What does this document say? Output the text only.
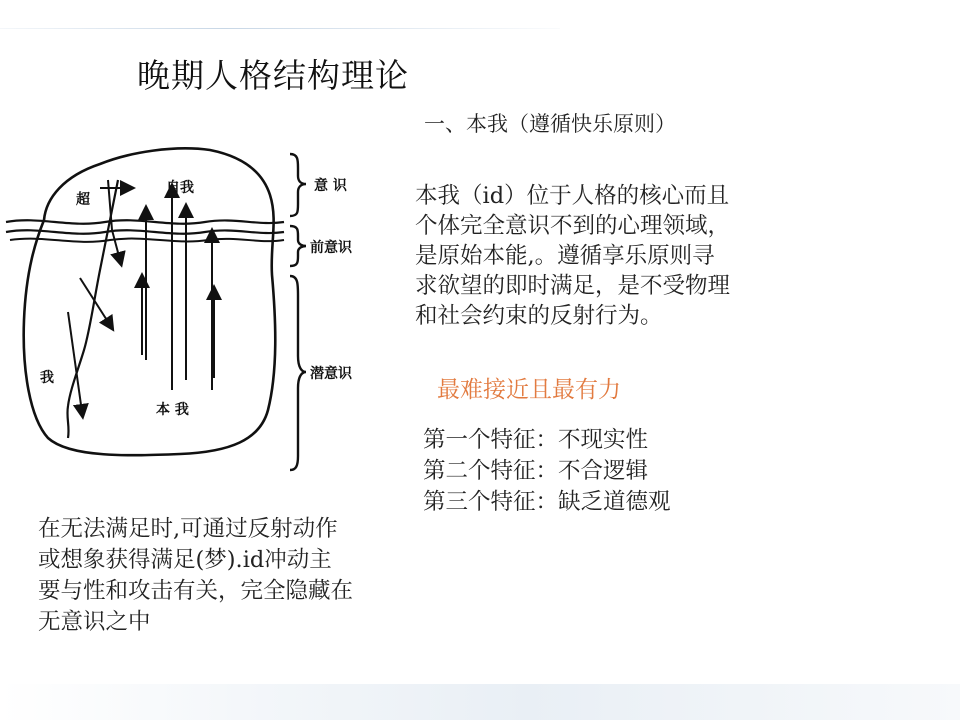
晚期人格结构理论
一、本我（遵循快乐原则）
本我（id）位于人格的核心而且
个体完全意识不到的心理领域，
是原始本能,。遵循享乐原则寻
求欲望的即时满足，是不受物理
和社会约束的反射行为。
最难接近且最有力
第一个特征：不现实性
第二个特征：不合逻辑
第三个特征：缺乏道德观
在无法满足时,可通过反射动作
或想象获得满足(梦).id冲动主
要与性和攻击有关，完全隐藏在
无意识之中
超
自我
我
本 我
意 识
前意识
潜意识
